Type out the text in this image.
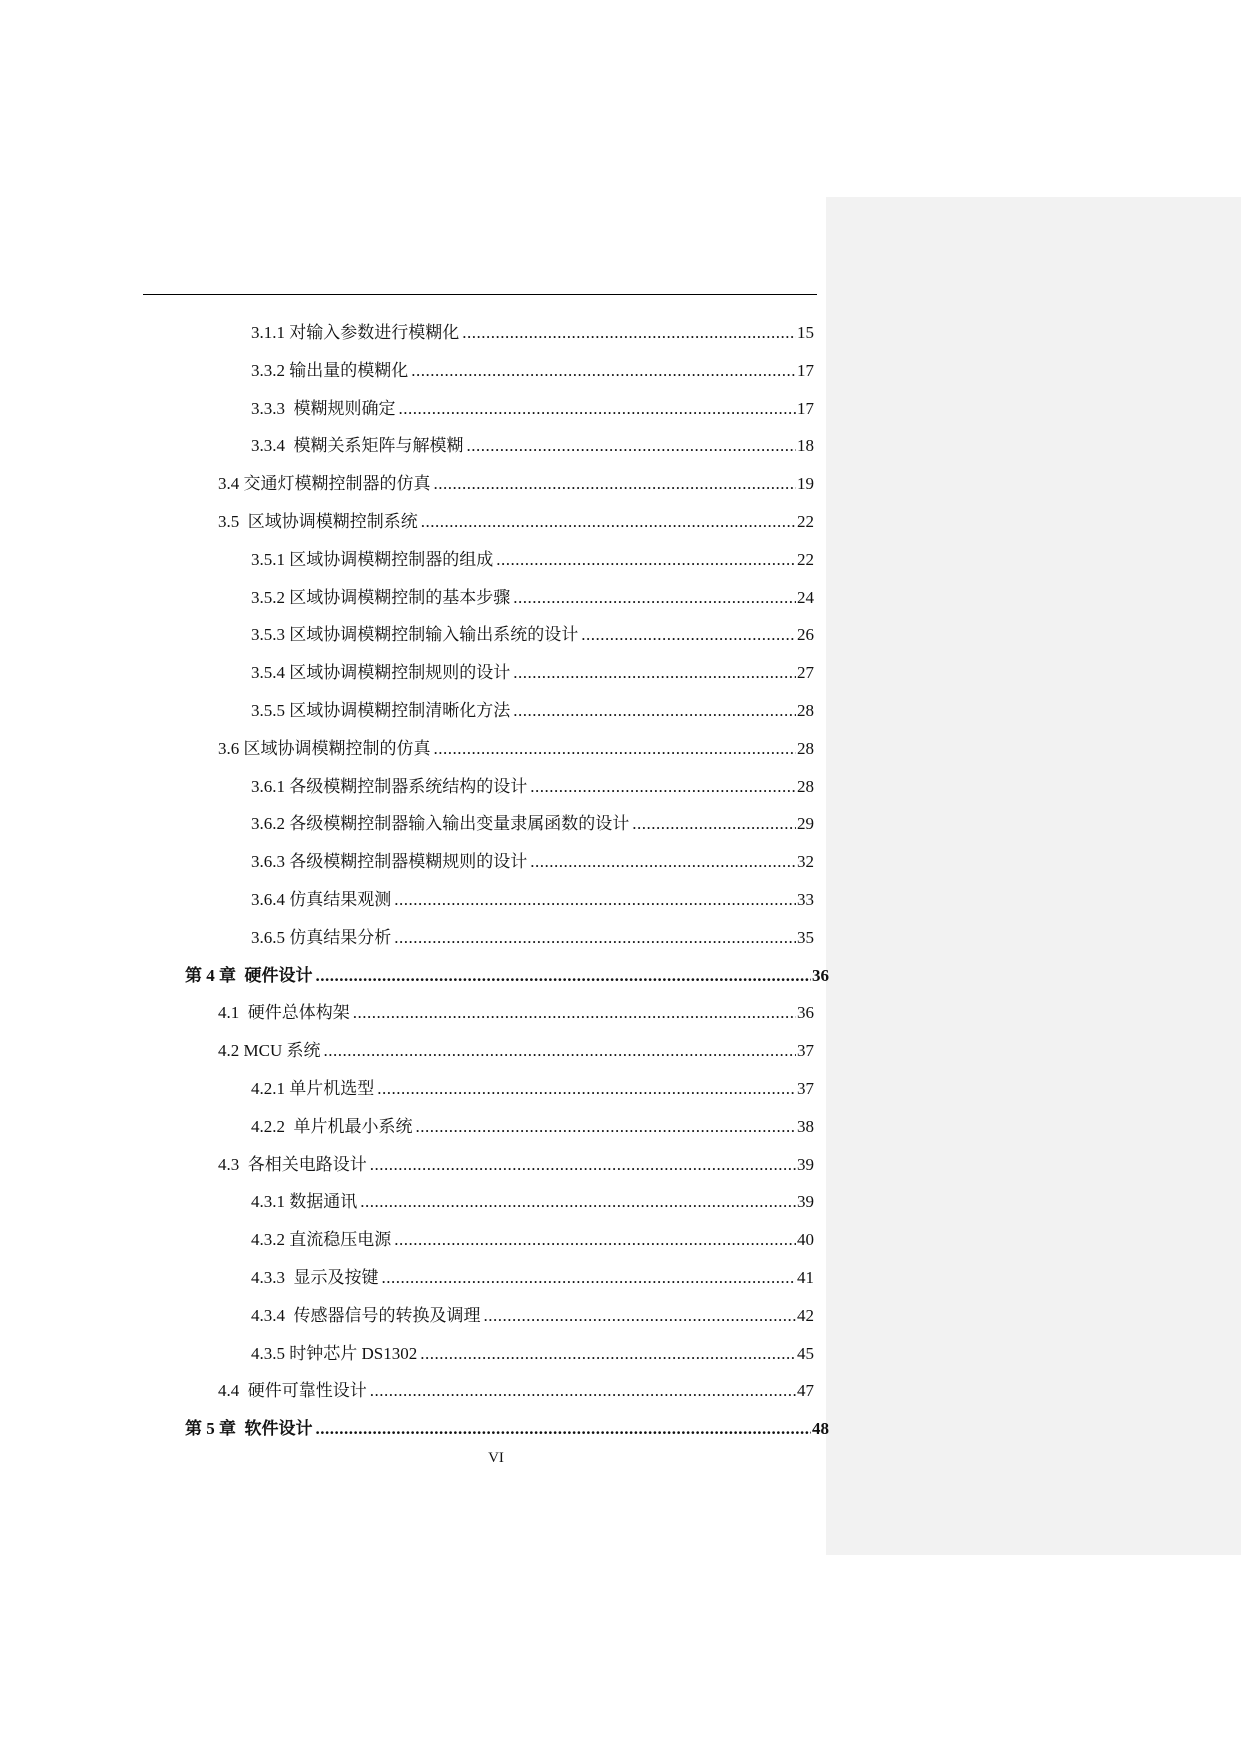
3.1.1 对输入参数进行模糊化 .....	15
3.3.2 输出量的模糊化 .....	17
3.3.3  模糊规则确定 .....	17
3.3.4  模糊关系矩阵与解模糊 .....	18
3.4 交通灯模糊控制器的仿真 .....	19
3.5  区域协调模糊控制系统 .....	22
3.5.1 区域协调模糊控制器的组成 .....	22
3.5.2 区域协调模糊控制的基本步骤 .....	24
3.5.3 区域协调模糊控制输入输出系统的设计 .....	26
3.5.4 区域协调模糊控制规则的设计 .....	27
3.5.5 区域协调模糊控制清晰化方法 .....	28
3.6 区域协调模糊控制的仿真 .....	28
3.6.1 各级模糊控制器系统结构的设计 .....	28
3.6.2 各级模糊控制器输入输出变量隶属函数的设计 .....	29
3.6.3 各级模糊控制器模糊规则的设计 .....	32
3.6.4 仿真结果观测 .....	33
3.6.5 仿真结果分析 .....	35
第 4 章  硬件设计 .....	36
4.1  硬件总体构架 .....	36
4.2 MCU 系统 .....	37
4.2.1 单片机选型 .....	37
4.2.2  单片机最小系统 .....	38
4.3  各相关电路设计 .....	39
4.3.1 数据通讯 .....	39
4.3.2 直流稳压电源 .....	40
4.3.3  显示及按键 .....	41
4.3.4  传感器信号的转换及调理 .....	42
4.3.5 时钟芯片 DS1302 .....	45
4.4  硬件可靠性设计 .....	47
第 5 章  软件设计 .....	48
VI
